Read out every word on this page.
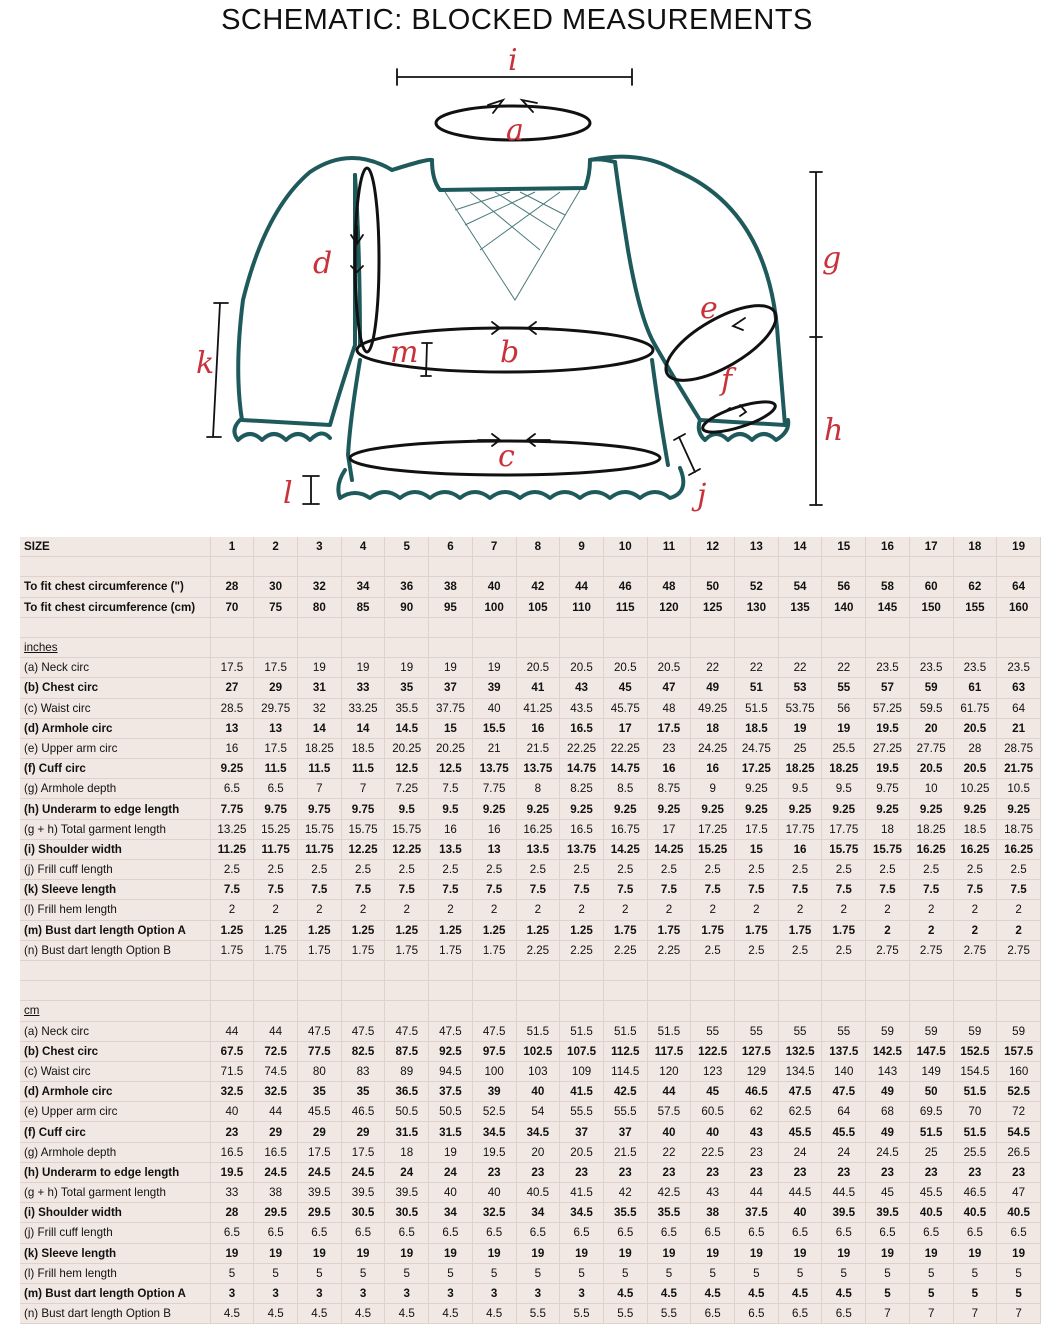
SCHEMATIC: BLOCKED MEASUREMENTS
i
a
b
c
d
e
f
g
h
j
k
l
m
SIZE	1	2	3	4	5	6	7	8	9	10	11	12	13	14	15	16	17	18	19

To fit chest circumference (")	28	30	32	34	36	38	40	42	44	46	48	50	52	54	56	58	60	62	64
To fit chest circumference (cm)	70	75	80	85	90	95	100	105	110	115	120	125	130	135	140	145	150	155	160

inches																			
(a) Neck circ	17.5	17.5	19	19	19	19	19	20.5	20.5	20.5	20.5	22	22	22	22	23.5	23.5	23.5	23.5
(b) Chest circ	27	29	31	33	35	37	39	41	43	45	47	49	51	53	55	57	59	61	63
(c) Waist circ	28.5	29.75	32	33.25	35.5	37.75	40	41.25	43.5	45.75	48	49.25	51.5	53.75	56	57.25	59.5	61.75	64
(d) Armhole circ	13	13	14	14	14.5	15	15.5	16	16.5	17	17.5	18	18.5	19	19	19.5	20	20.5	21
(e) Upper arm circ	16	17.5	18.25	18.5	20.25	20.25	21	21.5	22.25	22.25	23	24.25	24.75	25	25.5	27.25	27.75	28	28.75
(f) Cuff circ	9.25	11.5	11.5	11.5	12.5	12.5	13.75	13.75	14.75	14.75	16	16	17.25	18.25	18.25	19.5	20.5	20.5	21.75
(g) Armhole depth	6.5	6.5	7	7	7.25	7.5	7.75	8	8.25	8.5	8.75	9	9.25	9.5	9.5	9.75	10	10.25	10.5
(h) Underarm to edge length	7.75	9.75	9.75	9.75	9.5	9.5	9.25	9.25	9.25	9.25	9.25	9.25	9.25	9.25	9.25	9.25	9.25	9.25	9.25
(g + h) Total garment length	13.25	15.25	15.75	15.75	15.75	16	16	16.25	16.5	16.75	17	17.25	17.5	17.75	17.75	18	18.25	18.5	18.75
(i) Shoulder width	11.25	11.75	11.75	12.25	12.25	13.5	13	13.5	13.75	14.25	14.25	15.25	15	16	15.75	15.75	16.25	16.25	16.25
(j) Frill cuff length	2.5	2.5	2.5	2.5	2.5	2.5	2.5	2.5	2.5	2.5	2.5	2.5	2.5	2.5	2.5	2.5	2.5	2.5	2.5
(k) Sleeve length	7.5	7.5	7.5	7.5	7.5	7.5	7.5	7.5	7.5	7.5	7.5	7.5	7.5	7.5	7.5	7.5	7.5	7.5	7.5
(l) Frill hem length	2	2	2	2	2	2	2	2	2	2	2	2	2	2	2	2	2	2	2
(m) Bust dart length Option A	1.25	1.25	1.25	1.25	1.25	1.25	1.25	1.25	1.25	1.75	1.75	1.75	1.75	1.75	1.75	2	2	2	2
(n) Bust dart length Option B	1.75	1.75	1.75	1.75	1.75	1.75	1.75	2.25	2.25	2.25	2.25	2.5	2.5	2.5	2.5	2.75	2.75	2.75	2.75

cm																			
(a) Neck circ	44	44	47.5	47.5	47.5	47.5	47.5	51.5	51.5	51.5	51.5	55	55	55	55	59	59	59	59
(b) Chest circ	67.5	72.5	77.5	82.5	87.5	92.5	97.5	102.5	107.5	112.5	117.5	122.5	127.5	132.5	137.5	142.5	147.5	152.5	157.5
(c) Waist circ	71.5	74.5	80	83	89	94.5	100	103	109	114.5	120	123	129	134.5	140	143	149	154.5	160
(d) Armhole circ	32.5	32.5	35	35	36.5	37.5	39	40	41.5	42.5	44	45	46.5	47.5	47.5	49	50	51.5	52.5
(e) Upper arm circ	40	44	45.5	46.5	50.5	50.5	52.5	54	55.5	55.5	57.5	60.5	62	62.5	64	68	69.5	70	72
(f) Cuff circ	23	29	29	29	31.5	31.5	34.5	34.5	37	37	40	40	43	45.5	45.5	49	51.5	51.5	54.5
(g) Armhole depth	16.5	16.5	17.5	17.5	18	19	19.5	20	20.5	21.5	22	22.5	23	24	24	24.5	25	25.5	26.5
(h) Underarm to edge length	19.5	24.5	24.5	24.5	24	24	23	23	23	23	23	23	23	23	23	23	23	23	23
(g + h) Total garment length	33	38	39.5	39.5	39.5	40	40	40.5	41.5	42	42.5	43	44	44.5	44.5	45	45.5	46.5	47
(i) Shoulder width	28	29.5	29.5	30.5	30.5	34	32.5	34	34.5	35.5	35.5	38	37.5	40	39.5	39.5	40.5	40.5	40.5
(j) Frill cuff length	6.5	6.5	6.5	6.5	6.5	6.5	6.5	6.5	6.5	6.5	6.5	6.5	6.5	6.5	6.5	6.5	6.5	6.5	6.5
(k) Sleeve length	19	19	19	19	19	19	19	19	19	19	19	19	19	19	19	19	19	19	19
(l) Frill hem length	5	5	5	5	5	5	5	5	5	5	5	5	5	5	5	5	5	5	5
(m) Bust dart length Option A	3	3	3	3	3	3	3	3	3	4.5	4.5	4.5	4.5	4.5	4.5	5	5	5	5
(n) Bust dart length Option B	4.5	4.5	4.5	4.5	4.5	4.5	4.5	5.5	5.5	5.5	5.5	6.5	6.5	6.5	6.5	7	7	7	7
